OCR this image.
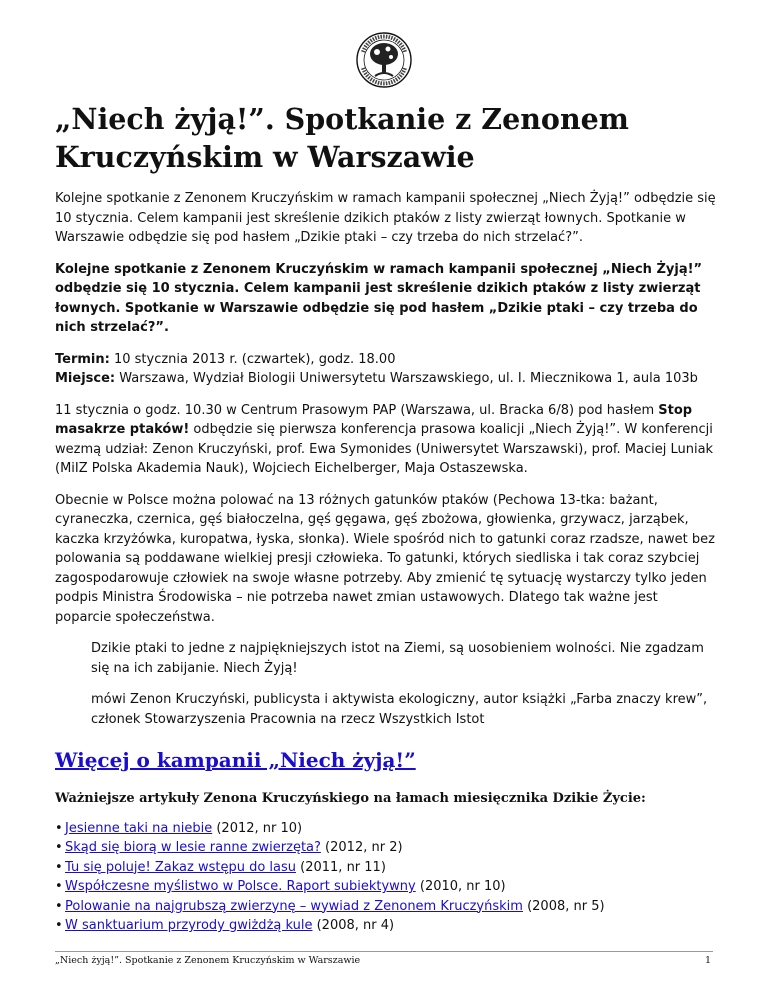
„Niech żyją!”. Spotkanie z Zenonem Kruczyńskim w Warszawie

Kolejne spotkanie z Zenonem Kruczyńskim w ramach kampanii społecznej „Niech Żyją!” odbędzie się 10 stycznia. Celem kampanii jest skreślenie dzikich ptaków z listy zwierząt łownych. Spotkanie w Warszawie odbędzie się pod hasłem „Dzikie ptaki – czy trzeba do nich strzelać?”.

Kolejne spotkanie z Zenonem Kruczyńskim w ramach kampanii społecznej „Niech Żyją!” odbędzie się 10 stycznia. Celem kampanii jest skreślenie dzikich ptaków z listy zwierząt łownych. Spotkanie w Warszawie odbędzie się pod hasłem „Dzikie ptaki – czy trzeba do nich strzelać?”.

Termin: 10 stycznia 2013 r. (czwartek), godz. 18.00
Miejsce: Warszawa, Wydział Biologii Uniwersytetu Warszawskiego, ul. I. Miecznikowa 1, aula 103b

11 stycznia o godz. 10.30 w Centrum Prasowym PAP (Warszawa, ul. Bracka 6/8) pod hasłem Stop masakrze ptaków! odbędzie się pierwsza konferencja prasowa koalicji „Niech Żyją!”. W konferencji wezmą udział: Zenon Kruczyński, prof. Ewa Symonides (Uniwersytet Warszawski), prof. Maciej Luniak (MiIZ Polska Akademia Nauk), Wojciech Eichelberger, Maja Ostaszewska.

Obecnie w Polsce można polować na 13 różnych gatunków ptaków (Pechowa 13-tka: bażant, cyraneczka, czernica, gęś białoczelna, gęś gęgawa, gęś zbożowa, głowienka, grzywacz, jarząbek, kaczka krzyżówka, kuropatwa, łyska, słonka). Wiele spośród nich to gatunki coraz rzadsze, nawet bez polowania są poddawane wielkiej presji człowieka. To gatunki, których siedliska i tak coraz szybciej zagospodarowuje człowiek na swoje własne potrzeby. Aby zmienić tę sytuację wystarczy tylko jeden podpis Ministra Środowiska – nie potrzeba nawet zmian ustawowych. Dlatego tak ważne jest poparcie społeczeństwa.

Dzikie ptaki to jedne z najpiękniejszych istot na Ziemi, są uosobieniem wolności. Nie zgadzam się na ich zabijanie. Niech Żyją!

mówi Zenon Kruczyński, publicysta i aktywista ekologiczny, autor książki „Farba znaczy krew”, członek Stowarzyszenia Pracownia na rzecz Wszystkich Istot

Więcej o kampanii „Niech żyją!”
Ważniejsze artykuły Zenona Kruczyńskiego na łamach miesięcznika Dzikie Życie:
• Jesienne taki na niebie (2012, nr 10)
• Skąd się biorą w lesie ranne zwierzęta? (2012, nr 2)
• Tu się poluje! Zakaz wstępu do lasu (2011, nr 11)
• Współczesne myślistwo w Polsce. Raport subiektywny (2010, nr 10)
• Polowanie na najgrubszą zwierzynę – wywiad z Zenonem Kruczyńskim (2008, nr 5)
• W sanktuarium przyrody gwiżdżą kule (2008, nr 4)
„Niech żyją!”. Spotkanie z Zenonem Kruczyńskim w Warszawie	1
